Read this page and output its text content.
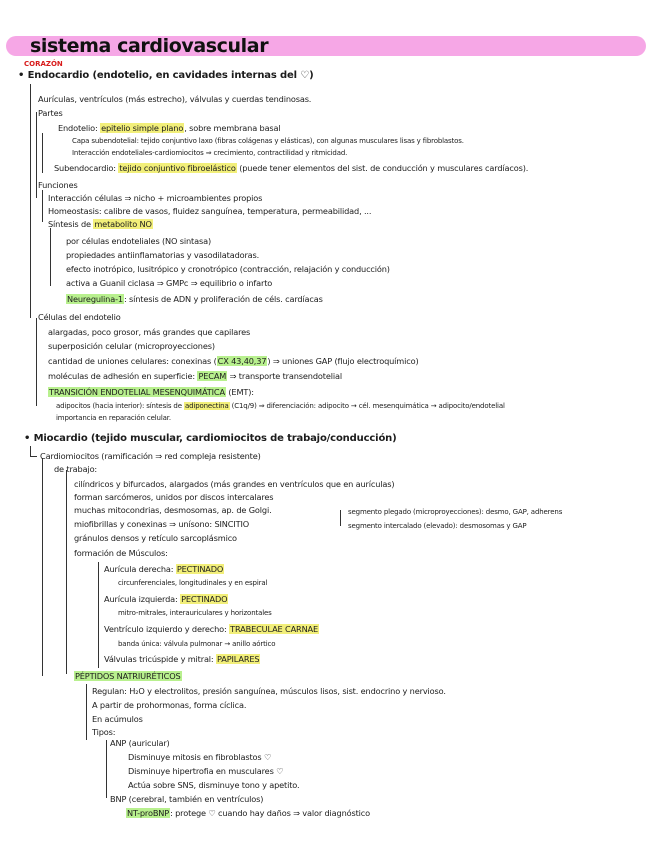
sistema cardiovascular
CORAZÓN
• Endocardio (endotelio, en cavidades internas del ♡)
Aurículas, ventrículos (más estrecho), válvulas y cuerdas tendinosas.
Partes
Endotelio: epitelio simple plano, sobre membrana basal
Capa subendotelial: tejido conjuntivo laxo (fibras colágenas y elásticas), con algunas musculares lisas y fibroblastos.
Interacción endoteliales-cardiomiocitos ⇒ crecimiento, contractilidad y ritmicidad.
Subendocardio: tejido conjuntivo fibroelástico (puede tener elementos del sist. de conducción y musculares cardíacos).
Funciones
Interacción células ⇒ nicho + microambientes propios
Homeostasis: calibre de vasos, fluidez sanguínea, temperatura, permeabilidad, ...
Síntesis de metabolito NO
por células endoteliales (NO sintasa)
propiedades antiinflamatorias y vasodilatadoras.
efecto inotrópico, lusitrópico y cronotrópico (contracción, relajación y conducción)
activa a Guanil ciclasa ⇒ GMPc ⇒ equilibrio o infarto
Neuregulina-1: síntesis de ADN y proliferación de céls. cardíacas
Células del endotelio
alargadas, poco grosor, más grandes que capilares
superposición celular (microproyecciones)
cantidad de uniones celulares: conexinas (CX 43,40,37) ⇒ uniones GAP (flujo electroquímico)
moléculas de adhesión en superficie: PECAM ⇒ transporte transendotelial
TRANSICIÓN ENDOTELIAL MESENQUIMÁTICA (EMT):
adipocitos (hacia interior): síntesis de adiponectina (C1q/9) ⇒ diferenciación: adipocito → cél. mesenquimática → adipocito/endotelial
importancia en reparación celular.
• Miocardio (tejido muscular, cardiomiocitos de trabajo/conducción)
Cardiomiocitos (ramificación ⇒ red compleja resistente)
de trabajo:
cilíndricos y bifurcados, alargados (más grandes en ventrículos que en aurículas)
forman sarcómeros, unidos por discos intercalares
muchas mitocondrias, desmosomas, ap. de Golgi.	segmento plegado (microproyecciones): desmo, GAP, adherens
segmento intercalado (elevado): desmosomas y GAP
miofibrillas y conexinas ⇒ unísono: SINCITIO
gránulos densos y retículo sarcoplásmico
formación de Músculos:
Aurícula derecha: PECTINADO
circunferenciales, longitudinales y en espiral
Aurícula izquierda: PECTINADO
mitro-mitrales, interauriculares y horizontales
Ventrículo izquierdo y derecho: TRABECULAE CARNAE
banda única: válvula pulmonar → anillo aórtico
Válvulas tricúspide y mitral: PAPILARES
PÉPTIDOS NATRIURÉTICOS
Regulan: H₂O y electrolitos, presión sanguínea, músculos lisos, sist. endocrino y nervioso.
A partir de prohormonas, forma cíclica.
En acúmulos
Tipos:
ANP (auricular)
Disminuye mitosis en fibroblastos ♡
Disminuye hipertrofia en musculares ♡
Actúa sobre SNS, disminuye tono y apetito.
BNP (cerebral, también en ventrículos)
NT-proBNP: protege ♡ cuando hay daños ⇒ valor diagnóstico
